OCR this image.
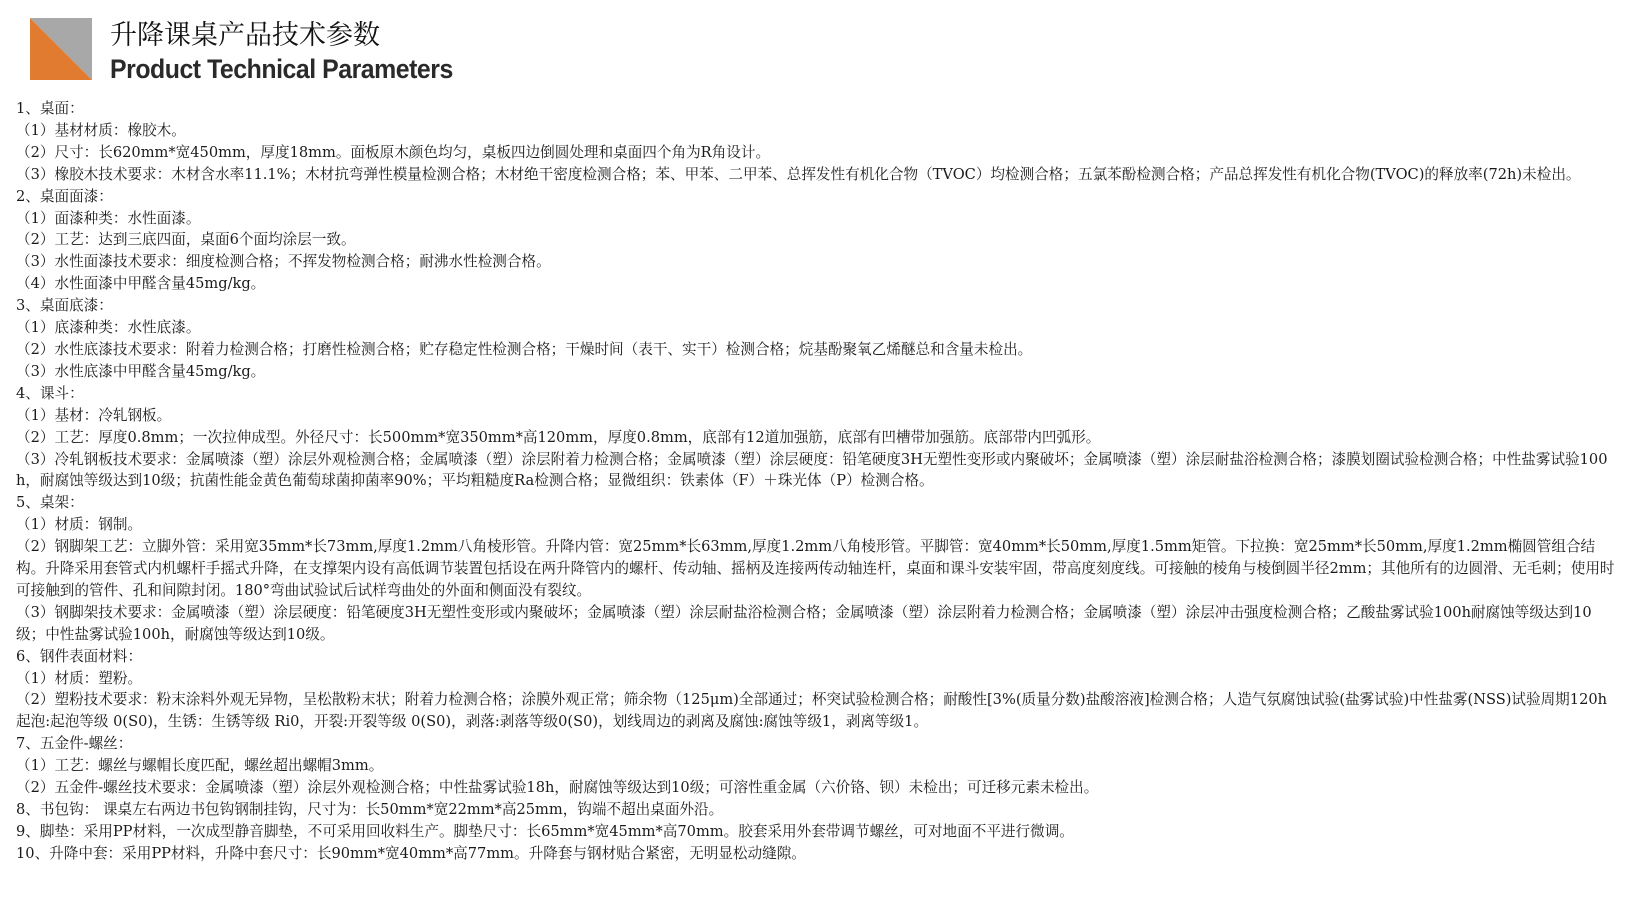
升降课桌产品技术参数
Product Technical Parameters

1、桌面：

（1）基材材质：橡胶木。

（2）尺寸：长620mm*宽450mm，厚度18mm。面板原木颜色均匀，桌板四边倒圆处理和桌面四个角为R角设计。

（3）橡胶木技术要求：木材含水率11.1%；木材抗弯弹性模量检测合格；木材绝干密度检测合格；苯、甲苯、二甲苯、总挥发性有机化合物（TVOC）均检测合格；五氯苯酚检测合格；产品总挥发性有机化合物(TVOC)的释放率(72h)未检出。

2、桌面面漆：

（1）面漆种类：水性面漆。

（2）工艺：达到三底四面，桌面6个面均涂层一致。

（3）水性面漆技术要求：细度检测合格；不挥发物检测合格；耐沸水性检测合格。

（4）水性面漆中甲醛含量45mg/kg。

3、桌面底漆：

（1）底漆种类：水性底漆。

（2）水性底漆技术要求：附着力检测合格；打磨性检测合格；贮存稳定性检测合格；干燥时间（表干、实干）检测合格；烷基酚聚氧乙烯醚总和含量未检出。

（3）水性底漆中甲醛含量45mg/kg。

4、课斗：

（1）基材：冷轧钢板。

（2）工艺：厚度0.8mm；一次拉伸成型。外径尺寸：长500mm*宽350mm*高120mm，厚度0.8mm，底部有12道加强筋，底部有凹槽带加强筋。底部带内凹弧形。

（3）冷轧钢板技术要求：金属喷漆（塑）涂层外观检测合格；金属喷漆（塑）涂层附着力检测合格；金属喷漆（塑）涂层硬度：铅笔硬度3H无塑性变形或内聚破坏；金属喷漆（塑）涂层耐盐浴检测合格；漆膜划圈试验检测合格；中性盐雾试验100h，耐腐蚀等级达到10级；抗菌性能金黄色葡萄球菌抑菌率90%；平均粗糙度Ra检测合格；显微组织：铁素体（F）＋珠光体（P）检测合格。

5、桌架：

（1）材质：钢制。

（2）钢脚架工艺：立脚外管：采用宽35mm*长73mm,厚度1.2mm八角棱形管。升降内管：宽25mm*长63mm,厚度1.2mm八角棱形管。平脚管：宽40mm*长50mm,厚度1.5mm矩管。下拉换：宽25mm*长50mm,厚度1.2mm椭圆管组合结构。升降采用套管式内机螺杆手摇式升降，在支撑架内设有高低调节装置包括设在两升降管内的螺杆、传动轴、摇柄及连接两传动轴连杆，桌面和课斗安装牢固，带高度刻度线。可接触的棱角与棱倒圆半径2mm；其他所有的边圆滑、无毛刺；使用时可接触到的管件、孔和间隙封闭。180°弯曲试验试后试样弯曲处的外面和侧面没有裂纹。

（3）钢脚架技术要求：金属喷漆（塑）涂层硬度：铅笔硬度3H无塑性变形或内聚破坏；金属喷漆（塑）涂层耐盐浴检测合格；金属喷漆（塑）涂层附着力检测合格；金属喷漆（塑）涂层冲击强度检测合格；乙酸盐雾试验100h耐腐蚀等级达到10级；中性盐雾试验100h，耐腐蚀等级达到10级。

6、钢件表面材料：

（1）材质：塑粉。

（2）塑粉技术要求：粉末涂料外观无异物，呈松散粉末状；附着力检测合格；涂膜外观正常；筛余物（125μm)全部通过；杯突试验检测合格；耐酸性[3%(质量分数)盐酸溶液]检测合格；人造气氛腐蚀试验(盐雾试验)中性盐雾(NSS)试验周期120h 起泡:起泡等级 0(S0)，生锈：生锈等级 Ri0，开裂:开裂等级 0(S0)，剥落:剥落等级0(S0)，划线周边的剥离及腐蚀:腐蚀等级1，剥离等级1。

7、五金件-螺丝：

（1）工艺：螺丝与螺帽长度匹配，螺丝超出螺帽3mm。

（2）五金件-螺丝技术要求：金属喷漆（塑）涂层外观检测合格；中性盐雾试验18h，耐腐蚀等级达到10级；可溶性重金属（六价铬、钡）未检出；可迁移元素未检出。

8、书包钩： 课桌左右两边书包钩钢制挂钩，尺寸为：长50mm*宽22mm*高25mm，钩端不超出桌面外沿。

9、脚垫：采用PP材料，一次成型静音脚垫，不可采用回收料生产。脚垫尺寸：长65mm*宽45mm*高70mm。胶套采用外套带调节螺丝，可对地面不平进行微调。

10、升降中套：采用PP材料，升降中套尺寸：长90mm*宽40mm*高77mm。升降套与钢材贴合紧密，无明显松动缝隙。
